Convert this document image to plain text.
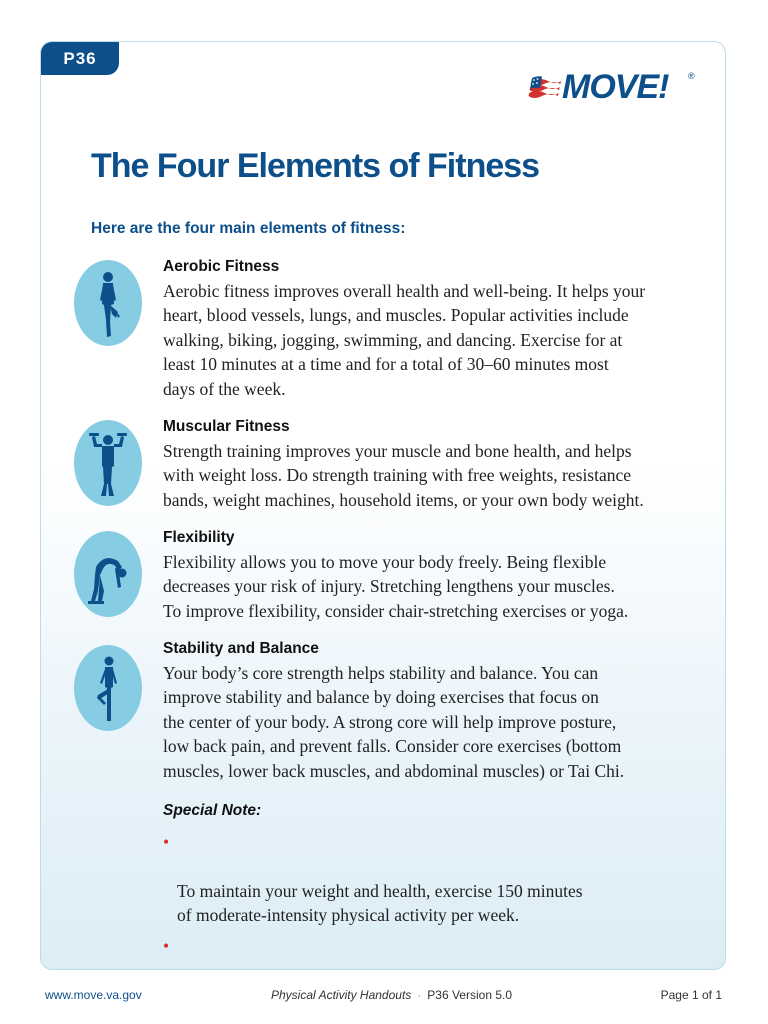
P36
MOVE! ®
The Four Elements of Fitness

Here are the four main elements of fitness:

Aerobic Fitness
Aerobic fitness improves overall health and well-being. It helps your
heart, blood vessels, lungs, and muscles. Popular activities include
walking, biking, jogging, swimming, and dancing. Exercise for at
least 10 minutes at a time and for a total of 30–60 minutes most
days of the week.
Muscular Fitness
Strength training improves your muscle and bone health, and helps
with weight loss. Do strength training with free weights, resistance
bands, weight machines, household items, or your own body weight.
Flexibility
Flexibility allows you to move your body freely. Being flexible
decreases your risk of injury. Stretching lengthens your muscles.
To improve flexibility, consider chair-stretching exercises or yoga.
Stability and Balance
Your body’s core strength helps stability and balance. You can
improve stability and balance by doing exercises that focus on
the center of your body. A strong core will help improve posture,
low back pain, and prevent falls. Consider core exercises (bottom
muscles, lower back muscles, and abdominal muscles) or Tai Chi.
Special Note:

•

To maintain your weight and health, exercise 150 minutes
of moderate-intensity physical activity per week.

•

www.move.va.gov	Physical Activity Handouts · P36 Version 5.0	Page 1 of 1
